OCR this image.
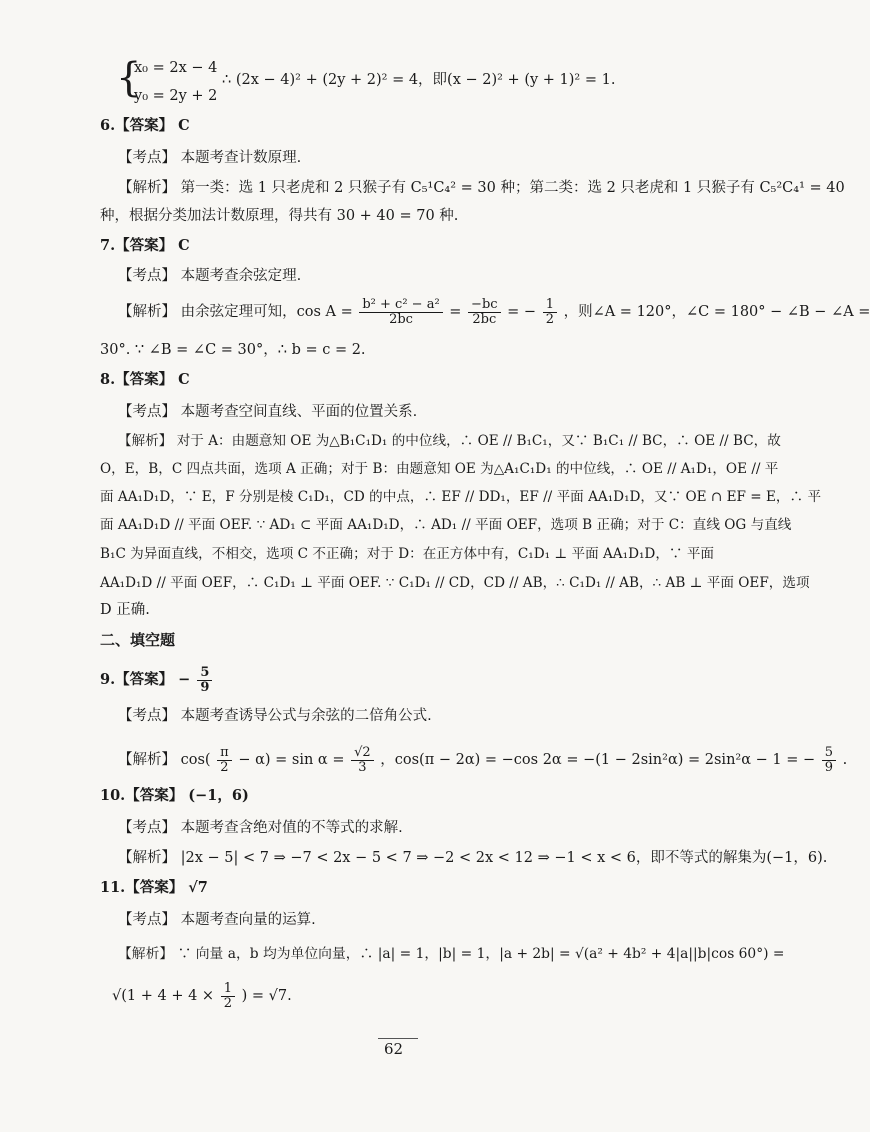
{
x₀ = 2x − 4
y₀ = 2y + 2
∴ (2x − 4)² + (2y + 2)² = 4，即(x − 2)² + (y + 1)² = 1.
6.【答案】 C
【考点】 本题考查计数原理.
【解析】 第一类：选 1 只老虎和 2 只猴子有 C₅¹C₄² = 30 种；第二类：选 2 只老虎和 1 只猴子有 C₅²C₄¹ = 40
种，根据分类加法计数原理，得共有 30 + 40 = 70 种.
7.【答案】 C
【考点】 本题考查余弦定理.
【解析】 由余弦定理可知，$\cos A = \frac{\text{b² + c² − a²}}{2bc} = \frac{-bc}{2bc}$ = − $\frac{1}{2}$ ，则∠A = 120°，∠C = 180° − ∠B − ∠A =
30°. ∵ ∠B = ∠C = 30°，∴ b = c = 2.
8.【答案】 C
【考点】 本题考查空间直线、平面的位置关系.
【解析】 对于 A：由题意知 OE 为△B₁C₁D₁ 的中位线，∴ OE // B₁C₁，又∵ B₁C₁ // BC，∴ OE // BC，故
O，E，B，C 四点共面，选项 A 正确；对于 B：由题意知 OE 为△A₁C₁D₁ 的中位线，∴ OE // A₁D₁，OE // 平
面 AA₁D₁D，∵ E，F 分别是棱 C₁D₁，CD 的中点，∴ EF // DD₁，EF // 平面 AA₁D₁D，又∵ OE ∩ EF = E，∴ 平
面 AA₁D₁D // 平面 OEF. ∵ AD₁ ⊂ 平面 AA₁D₁D，∴ AD₁ // 平面 OEF，选项 B 正确；对于 C：直线 OG 与直线
B₁C 为异面直线，不相交，选项 C 不正确；对于 D：在正方体中有，C₁D₁ ⊥ 平面 AA₁D₁D，∵ 平面
AA₁D₁D // 平面 OEF，∴ C₁D₁ ⊥ 平面 OEF. ∵ C₁D₁ // CD，CD // AB，∴ C₁D₁ // AB，∴ AB ⊥ 平面 OEF，选项
D 正确.
二、填空题
9.【答案】 − $\frac{5}{9}$
【考点】 本题考查诱导公式与余弦的二倍角公式.
【解析】 $\cos( \frac{\pi}{2} - \alpha) = \sin \alpha = \frac{√2}{3}$ ，cos(π − 2α) = −cos 2α = −(1 − 2sin²α) = 2sin²α − 1 = − $\frac{5}{9}$ .
10.【答案】 (−1，6)
【考点】 本题考查含绝对值的不等式的求解.
【解析】 |2x − 5| < 7 ⇒ −7 < 2x − 5 < 7 ⇒ −2 < 2x < 12 ⇒ −1 < x < 6，即不等式的解集为(−1，6).
11.【答案】 √7
【考点】 本题考查向量的运算.
【解析】 ∵ 向量 a，b 均为单位向量，∴ |a| = 1，|b| = 1，|a + 2b| = √(a² + 4b² + 4|a||b|cos 60°) =
$√(1 + 4 + 4 \times \frac{1}{2}$ ) = √7.
62
